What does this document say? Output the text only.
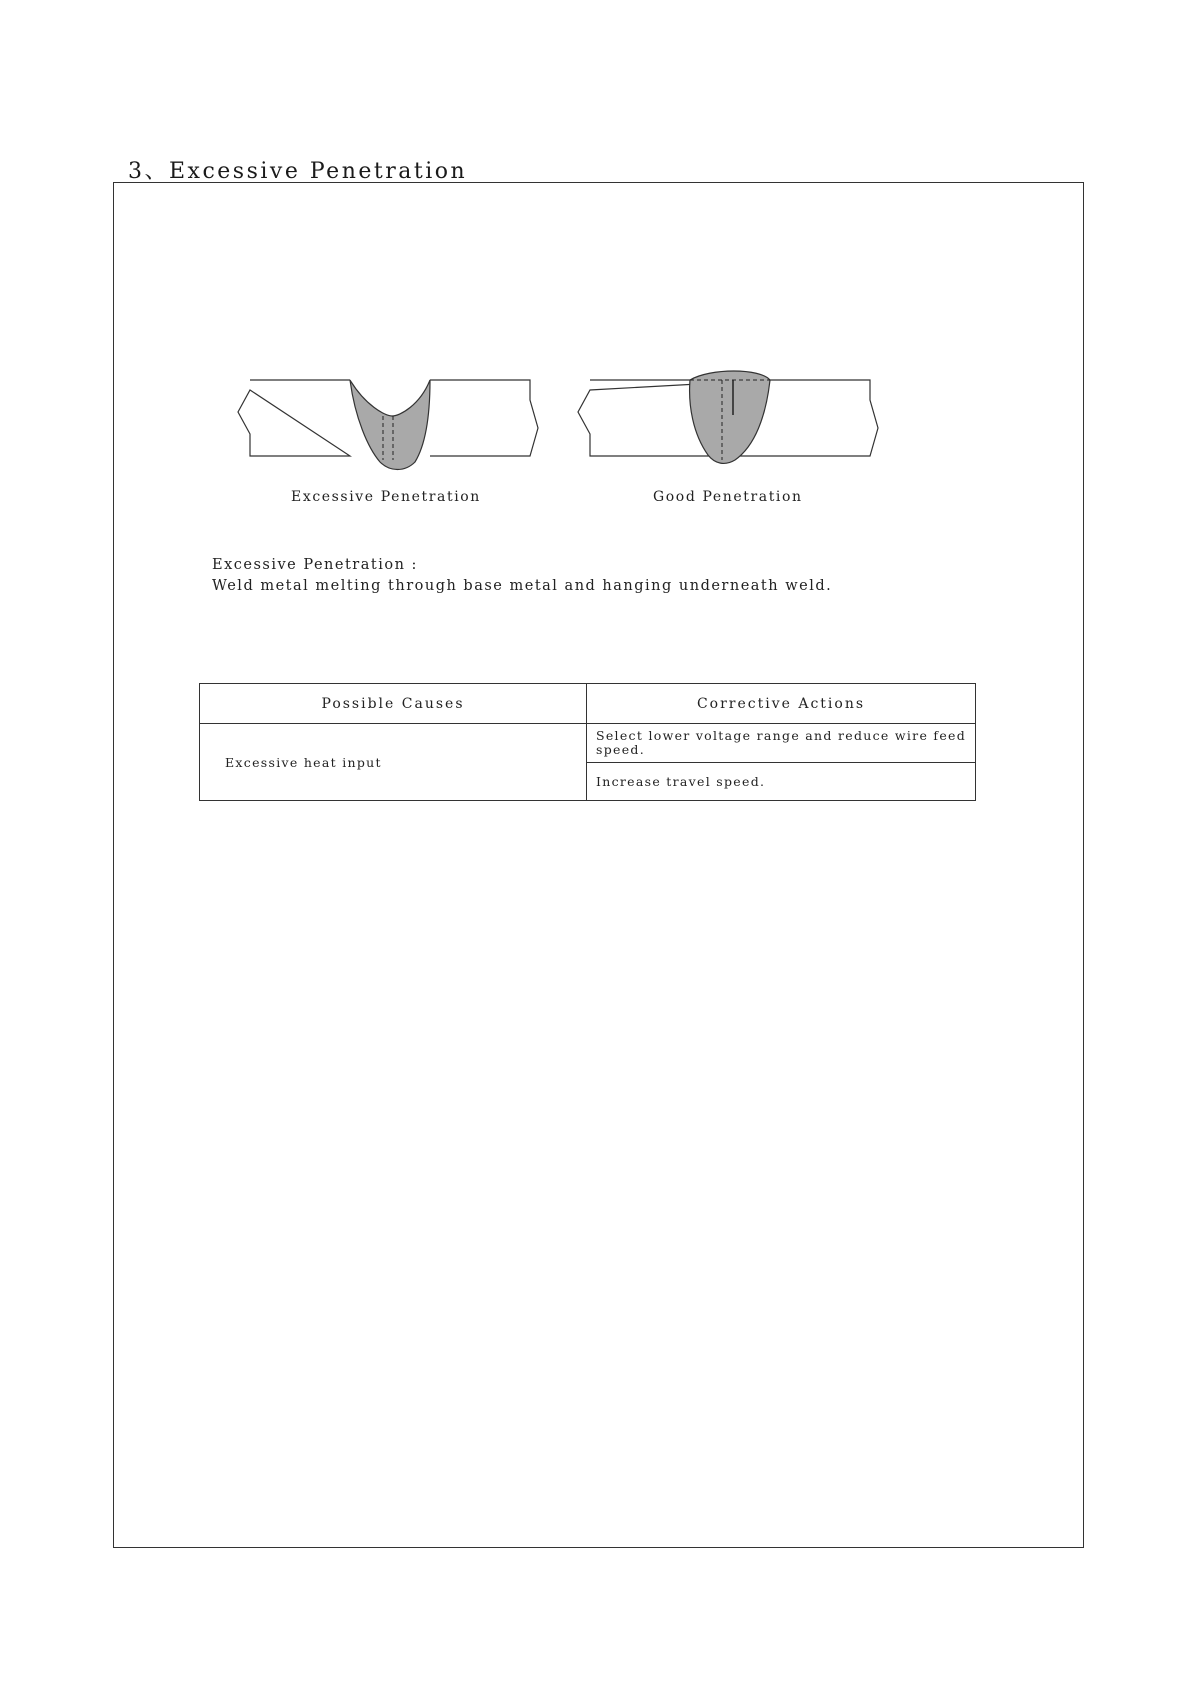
3、Excessive Penetration
Excessive Penetration	Good Penetration
Excessive Penetration :
Weld metal melting through base metal and hanging underneath weld.
Possible Causes	Corrective Actions
Excessive heat input	Select lower voltage range and reduce wire feed speed.
	Increase travel speed.
